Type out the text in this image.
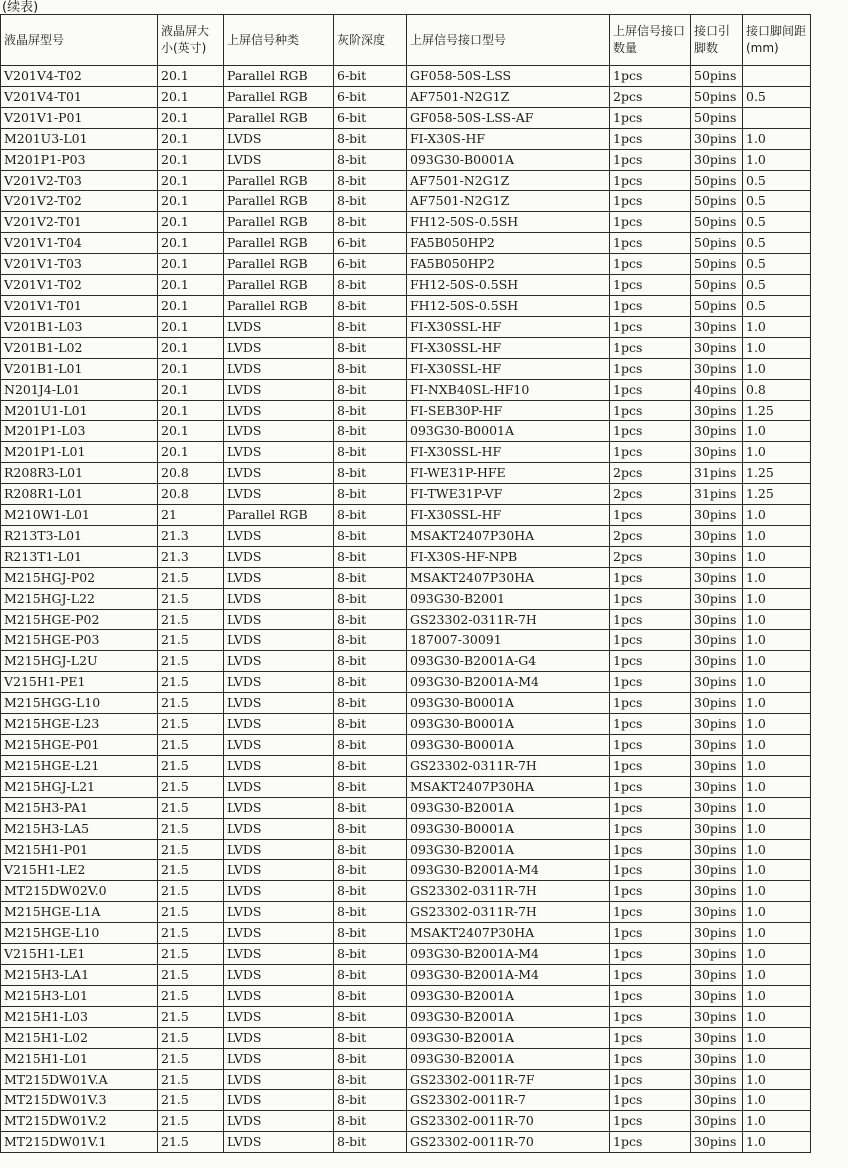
(续表)
液晶屏型号	液晶屏大小(英寸)	上屏信号种类	灰阶深度	上屏信号接口型号	上屏信号接口数量	接口引脚数	接口脚间距(mm)
V201V4-T02	20.1	Parallel RGB	6-bit	GF058-50S-LSS	1pcs	50pins	
V201V4-T01	20.1	Parallel RGB	6-bit	AF7501-N2G1Z	2pcs	50pins	0.5
V201V1-P01	20.1	Parallel RGB	6-bit	GF058-50S-LSS-AF	1pcs	50pins	
M201U3-L01	20.1	LVDS	8-bit	FI-X30S-HF	1pcs	30pins	1.0
M201P1-P03	20.1	LVDS	8-bit	093G30-B0001A	1pcs	30pins	1.0
V201V2-T03	20.1	Parallel RGB	8-bit	AF7501-N2G1Z	1pcs	50pins	0.5
V201V2-T02	20.1	Parallel RGB	8-bit	AF7501-N2G1Z	1pcs	50pins	0.5
V201V2-T01	20.1	Parallel RGB	8-bit	FH12-50S-0.5SH	1pcs	50pins	0.5
V201V1-T04	20.1	Parallel RGB	6-bit	FA5B050HP2	1pcs	50pins	0.5
V201V1-T03	20.1	Parallel RGB	6-bit	FA5B050HP2	1pcs	50pins	0.5
V201V1-T02	20.1	Parallel RGB	8-bit	FH12-50S-0.5SH	1pcs	50pins	0.5
V201V1-T01	20.1	Parallel RGB	8-bit	FH12-50S-0.5SH	1pcs	50pins	0.5
V201B1-L03	20.1	LVDS	8-bit	FI-X30SSL-HF	1pcs	30pins	1.0
V201B1-L02	20.1	LVDS	8-bit	FI-X30SSL-HF	1pcs	30pins	1.0
V201B1-L01	20.1	LVDS	8-bit	FI-X30SSL-HF	1pcs	30pins	1.0
N201J4-L01	20.1	LVDS	8-bit	FI-NXB40SL-HF10	1pcs	40pins	0.8
M201U1-L01	20.1	LVDS	8-bit	FI-SEB30P-HF	1pcs	30pins	1.25
M201P1-L03	20.1	LVDS	8-bit	093G30-B0001A	1pcs	30pins	1.0
M201P1-L01	20.1	LVDS	8-bit	FI-X30SSL-HF	1pcs	30pins	1.0
R208R3-L01	20.8	LVDS	8-bit	FI-WE31P-HFE	2pcs	31pins	1.25
R208R1-L01	20.8	LVDS	8-bit	FI-TWE31P-VF	2pcs	31pins	1.25
M210W1-L01	21	Parallel RGB	8-bit	FI-X30SSL-HF	1pcs	30pins	1.0
R213T3-L01	21.3	LVDS	8-bit	MSAKT2407P30HA	2pcs	30pins	1.0
R213T1-L01	21.3	LVDS	8-bit	FI-X30S-HF-NPB	2pcs	30pins	1.0
M215HGJ-P02	21.5	LVDS	8-bit	MSAKT2407P30HA	1pcs	30pins	1.0
M215HGJ-L22	21.5	LVDS	8-bit	093G30-B2001	1pcs	30pins	1.0
M215HGE-P02	21.5	LVDS	8-bit	GS23302-0311R-7H	1pcs	30pins	1.0
M215HGE-P03	21.5	LVDS	8-bit	187007-30091	1pcs	30pins	1.0
M215HGJ-L2U	21.5	LVDS	8-bit	093G30-B2001A-G4	1pcs	30pins	1.0
V215H1-PE1	21.5	LVDS	8-bit	093G30-B2001A-M4	1pcs	30pins	1.0
M215HGG-L10	21.5	LVDS	8-bit	093G30-B0001A	1pcs	30pins	1.0
M215HGE-L23	21.5	LVDS	8-bit	093G30-B0001A	1pcs	30pins	1.0
M215HGE-P01	21.5	LVDS	8-bit	093G30-B0001A	1pcs	30pins	1.0
M215HGE-L21	21.5	LVDS	8-bit	GS23302-0311R-7H	1pcs	30pins	1.0
M215HGJ-L21	21.5	LVDS	8-bit	MSAKT2407P30HA	1pcs	30pins	1.0
M215H3-PA1	21.5	LVDS	8-bit	093G30-B2001A	1pcs	30pins	1.0
M215H3-LA5	21.5	LVDS	8-bit	093G30-B0001A	1pcs	30pins	1.0
M215H1-P01	21.5	LVDS	8-bit	093G30-B2001A	1pcs	30pins	1.0
V215H1-LE2	21.5	LVDS	8-bit	093G30-B2001A-M4	1pcs	30pins	1.0
MT215DW02V.0	21.5	LVDS	8-bit	GS23302-0311R-7H	1pcs	30pins	1.0
M215HGE-L1A	21.5	LVDS	8-bit	GS23302-0311R-7H	1pcs	30pins	1.0
M215HGE-L10	21.5	LVDS	8-bit	MSAKT2407P30HA	1pcs	30pins	1.0
V215H1-LE1	21.5	LVDS	8-bit	093G30-B2001A-M4	1pcs	30pins	1.0
M215H3-LA1	21.5	LVDS	8-bit	093G30-B2001A-M4	1pcs	30pins	1.0
M215H3-L01	21.5	LVDS	8-bit	093G30-B2001A	1pcs	30pins	1.0
M215H1-L03	21.5	LVDS	8-bit	093G30-B2001A	1pcs	30pins	1.0
M215H1-L02	21.5	LVDS	8-bit	093G30-B2001A	1pcs	30pins	1.0
M215H1-L01	21.5	LVDS	8-bit	093G30-B2001A	1pcs	30pins	1.0
MT215DW01V.A	21.5	LVDS	8-bit	GS23302-0011R-7F	1pcs	30pins	1.0
MT215DW01V.3	21.5	LVDS	8-bit	GS23302-0011R-7	1pcs	30pins	1.0
MT215DW01V.2	21.5	LVDS	8-bit	GS23302-0011R-70	1pcs	30pins	1.0
MT215DW01V.1	21.5	LVDS	8-bit	GS23302-0011R-70	1pcs	30pins	1.0
